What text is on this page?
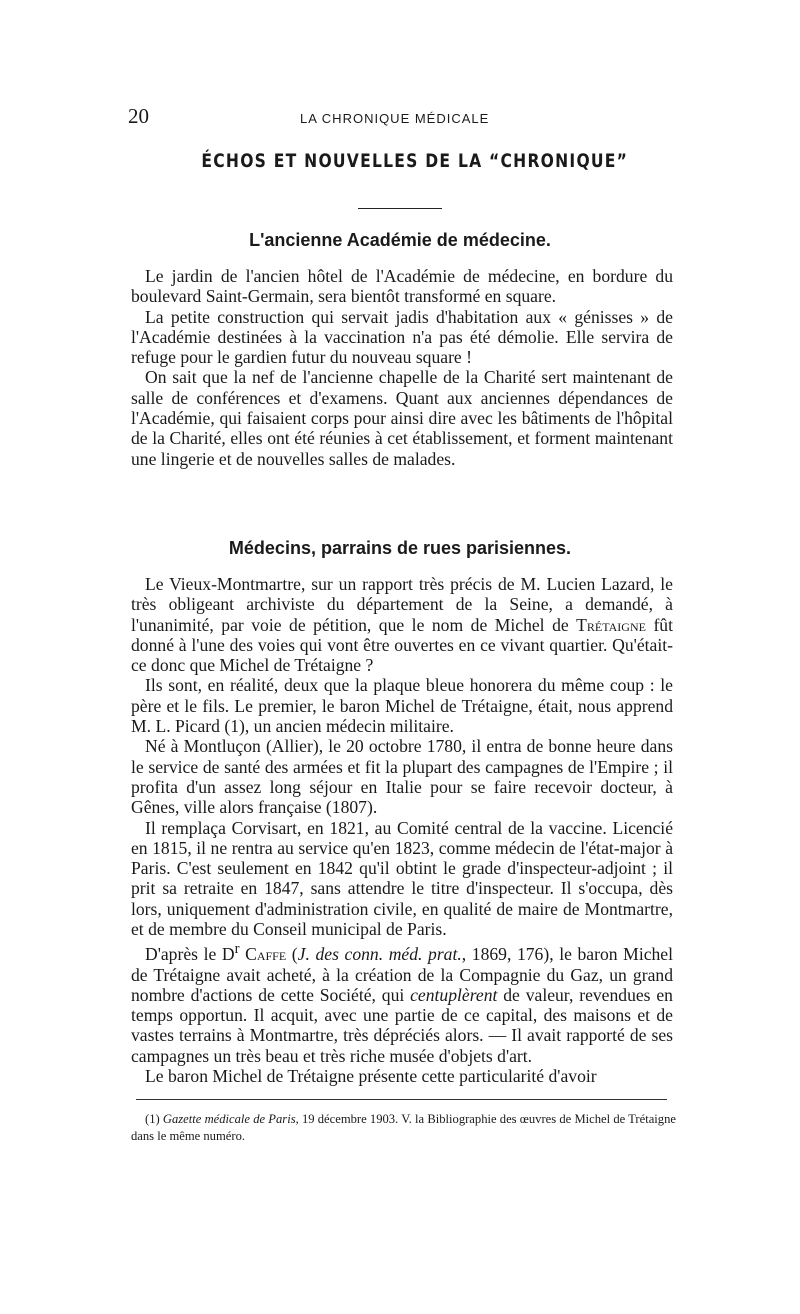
20	LA CHRONIQUE MÉDICALE
ÉCHOS ET NOUVELLES DE LA “CHRONIQUE”
L'ancienne Académie de médecine.

Le jardin de l'ancien hôtel de l'Académie de médecine, en bordure du boulevard Saint-Germain, sera bientôt transformé en square.

La petite construction qui servait jadis d'habitation aux « génisses » de l'Académie destinées à la vaccination n'a pas été démolie. Elle servira de refuge pour le gardien futur du nouveau square !

On sait que la nef de l'ancienne chapelle de la Charité sert maintenant de salle de conférences et d'examens. Quant aux anciennes dépendances de l'Académie, qui faisaient corps pour ainsi dire avec les bâtiments de l'hôpital de la Charité, elles ont été réunies à cet établissement, et forment maintenant une lingerie et de nouvelles salles de malades.

Médecins, parrains de rues parisiennes.

Le Vieux-Montmartre, sur un rapport très précis de M. Lucien Lazard, le très obligeant archiviste du département de la Seine, a demandé, à l'unanimité, par voie de pétition, que le nom de Michel de Trétaigne fût donné à l'une des voies qui vont être ouvertes en ce vivant quartier. Qu'était-ce donc que Michel de Trétaigne ?

Ils sont, en réalité, deux que la plaque bleue honorera du même coup : le père et le fils. Le premier, le baron Michel de Trétaigne, était, nous apprend M. L. Picard (1), un ancien médecin militaire.

Né à Montluçon (Allier), le 20 octobre 1780, il entra de bonne heure dans le service de santé des armées et fit la plupart des campagnes de l'Empire ; il profita d'un assez long séjour en Italie pour se faire recevoir docteur, à Gênes, ville alors française (1807).

Il remplaça Corvisart, en 1821, au Comité central de la vaccine. Licencié en 1815, il ne rentra au service qu'en 1823, comme médecin de l'état-major à Paris. C'est seulement en 1842 qu'il obtint le grade d'inspecteur-adjoint ; il prit sa retraite en 1847, sans attendre le titre d'inspecteur. Il s'occupa, dès lors, uniquement d'administration civile, en qualité de maire de Montmartre, et de membre du Conseil municipal de Paris.

D'après le $D^r$ Caffe (J. des conn. méd. prat., 1869, 176), le baron Michel de Trétaigne avait acheté, à la création de la Compagnie du Gaz, un grand nombre d'actions de cette Société, qui centuplèrent de valeur, revendues en temps opportun. Il acquit, avec une partie de ce capital, des maisons et de vastes terrains à Montmartre, très dépréciés alors. — Il avait rapporté de ses campagnes un très beau et très riche musée d'objets d'art.

Le baron Michel de Trétaigne présente cette particularité d'avoir

(1) Gazette médicale de Paris, 19 décembre 1903. V. la Bibliographie des œuvres de Michel de Trétaigne dans le même numéro.
